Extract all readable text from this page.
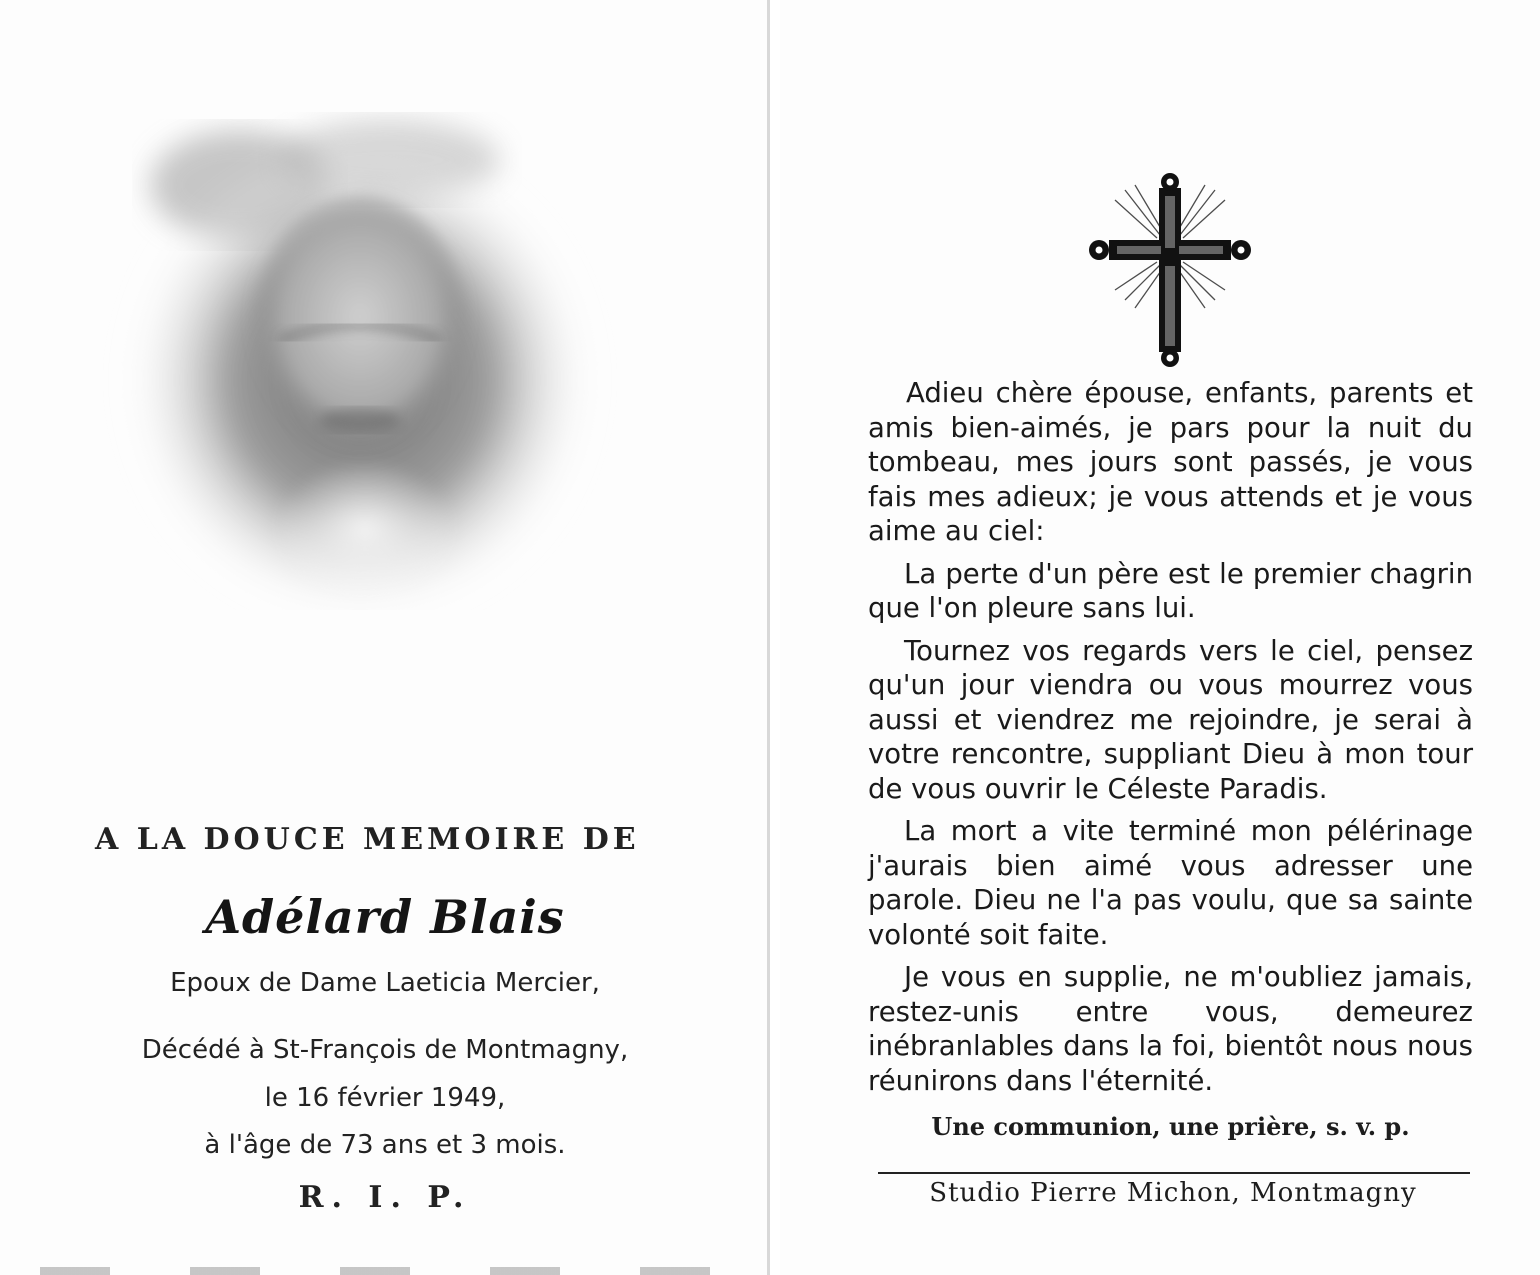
A LA DOUCE MEMOIRE DE
Adélard Blais
Epoux de Dame Laeticia Mercier,
Décédé à St-François de Montmagny,
le 16 février 1949,
à l'âge de 73 ans et 3 mois.
R. I. P.

Adieu chère épouse, enfants, parents et amis bien-aimés, je pars pour la nuit du tombeau, mes jours sont passés, je vous fais mes adieux; je vous attends et je vous aime au ciel:

La perte d'un père est le premier chagrin que l'on pleure sans lui.

Tournez vos regards vers le ciel, pensez qu'un jour viendra ou vous mourrez vous aussi et viendrez me rejoindre, je serai à votre rencontre, suppliant Dieu à mon tour de vous ouvrir le Céleste Paradis.

La mort a vite terminé mon pélérinage j'aurais bien aimé vous adresser une parole. Dieu ne l'a pas voulu, que sa sainte volonté soit faite.

Je vous en supplie, ne m'oubliez jamais, restez-unis entre vous, demeurez inébranlables dans la foi, bientôt nous nous réunirons dans l'éternité.

Une communion, une prière, s. v. p.
Studio Pierre Michon, Montmagny
